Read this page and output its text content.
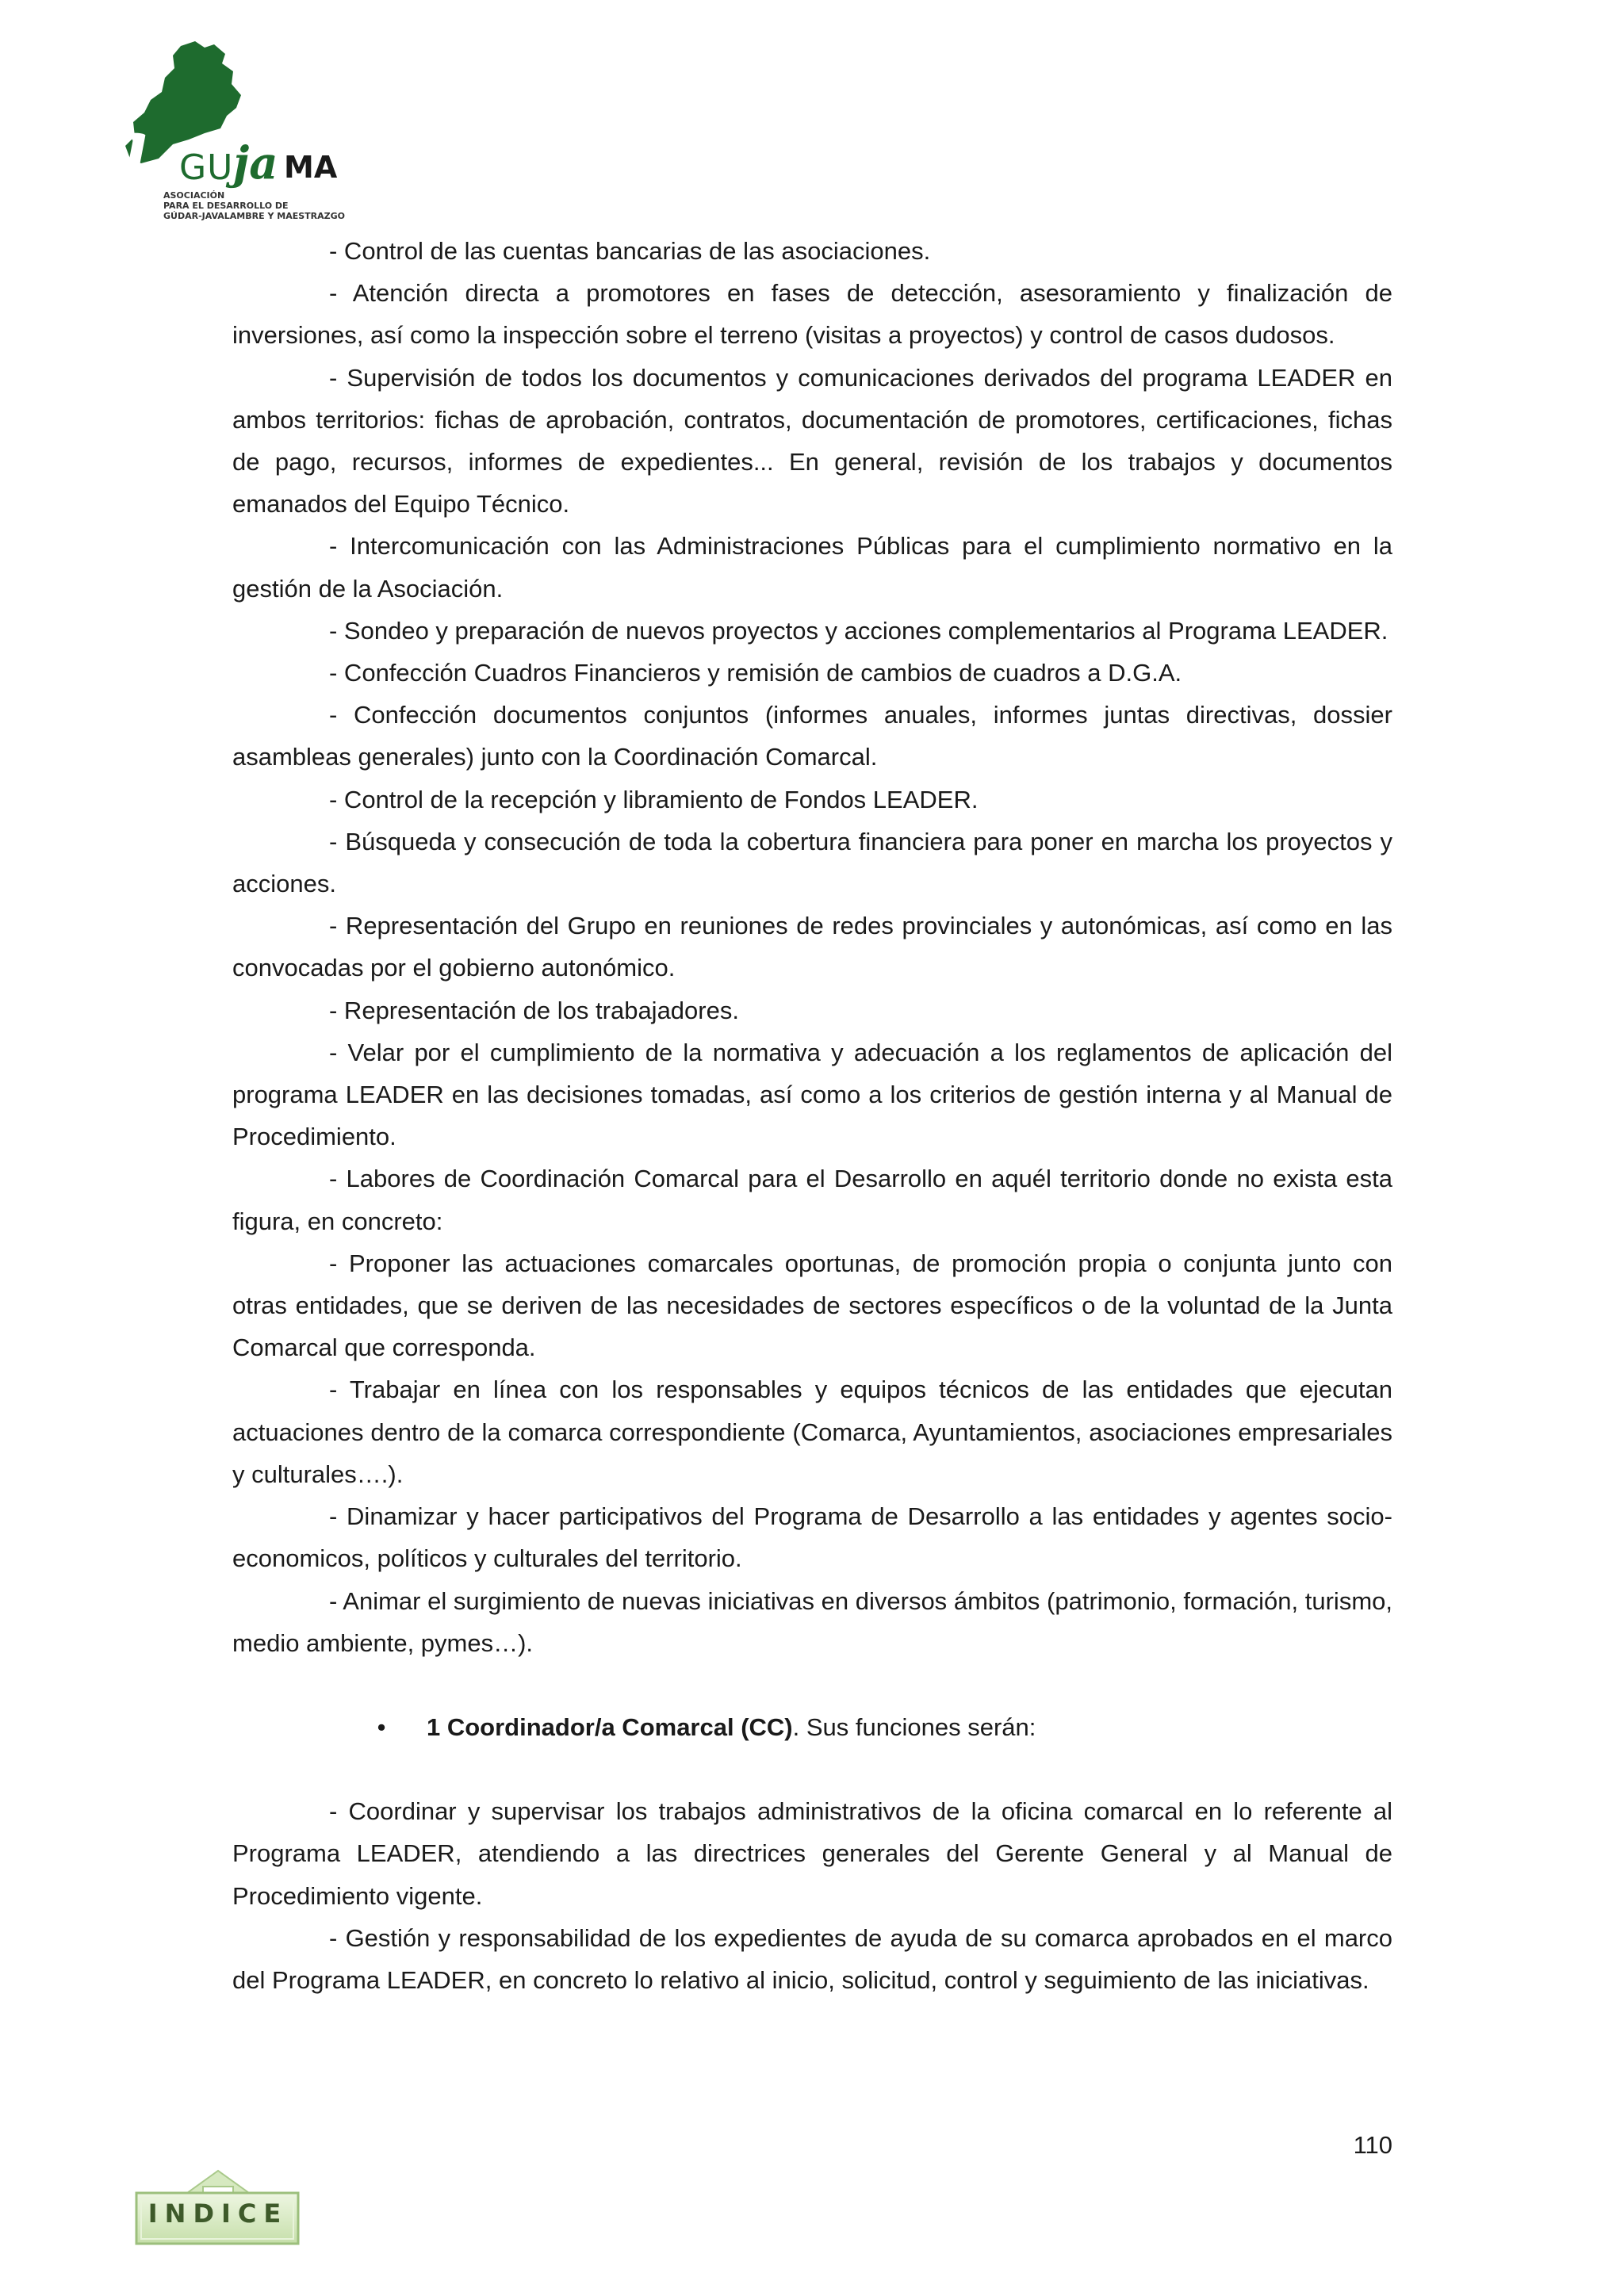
a GU ja MA
ASOCIACIÓN
PARA EL DESARROLLO DE
GÚDAR-JAVALAMBRE Y MAESTRAZGO

- Control de las cuentas bancarias de las asociaciones.

- Atención directa a promotores en fases de detección, asesoramiento y finalización de inversiones, así como la inspección sobre el terreno (visitas a proyectos) y control de casos dudosos.

- Supervisión de todos los documentos y comunicaciones derivados del programa LEADER en ambos territorios: fichas de aprobación, contratos, documentación de promotores, certificaciones, fichas de pago, recursos, informes de expedientes... En general, revisión de los trabajos y documentos emanados del Equipo Técnico.

- Intercomunicación con las Administraciones Públicas para el cumplimiento normativo en la gestión de la Asociación.

- Sondeo y preparación de nuevos proyectos y acciones complementarios al Programa LEADER.

- Confección Cuadros Financieros y remisión de cambios de cuadros a D.G.A.

- Confección documentos conjuntos (informes anuales, informes juntas directivas, dossier asambleas generales) junto con la Coordinación Comarcal.

- Control de la recepción y libramiento de Fondos LEADER.

- Búsqueda y consecución de toda la cobertura financiera para poner en marcha los proyectos y acciones.

- Representación del Grupo en reuniones de redes provinciales y autonómicas, así como en las convocadas por el gobierno autonómico.

- Representación de los trabajadores.

- Velar por el cumplimiento de la normativa y adecuación a los reglamentos de aplicación del programa LEADER en las decisiones tomadas, así como a los criterios de gestión interna y al Manual de Procedimiento.

- Labores de Coordinación Comarcal para el Desarrollo en aquél territorio donde no exista esta figura, en concreto:

- Proponer las actuaciones comarcales oportunas, de promoción propia o conjunta junto con otras entidades, que se deriven de las necesidades de sectores específicos o de la voluntad de la Junta Comarcal que corresponda.

- Trabajar en línea con los responsables y equipos técnicos de las entidades que ejecutan actuaciones dentro de la comarca correspondiente (Comarca, Ayuntamientos, asociaciones empresariales y culturales….).

- Dinamizar y hacer participativos del Programa de Desarrollo a las entidades y agentes socio-economicos, políticos y culturales del territorio.

- Animar el surgimiento de nuevas iniciativas en diversos ámbitos (patrimonio, formación, turismo, medio ambiente, pymes…).

• 1 Coordinador/a Comarcal (CC). Sus funciones serán:

- Coordinar y supervisar los trabajos administrativos de la oficina comarcal en lo referente al Programa LEADER, atendiendo a las directrices generales del Gerente General y al Manual de Procedimiento vigente.

- Gestión y responsabilidad de los expedientes de ayuda de su comarca aprobados en el marco del Programa LEADER, en concreto lo relativo al inicio, solicitud, control y seguimiento de las iniciativas.

110
INDICE
